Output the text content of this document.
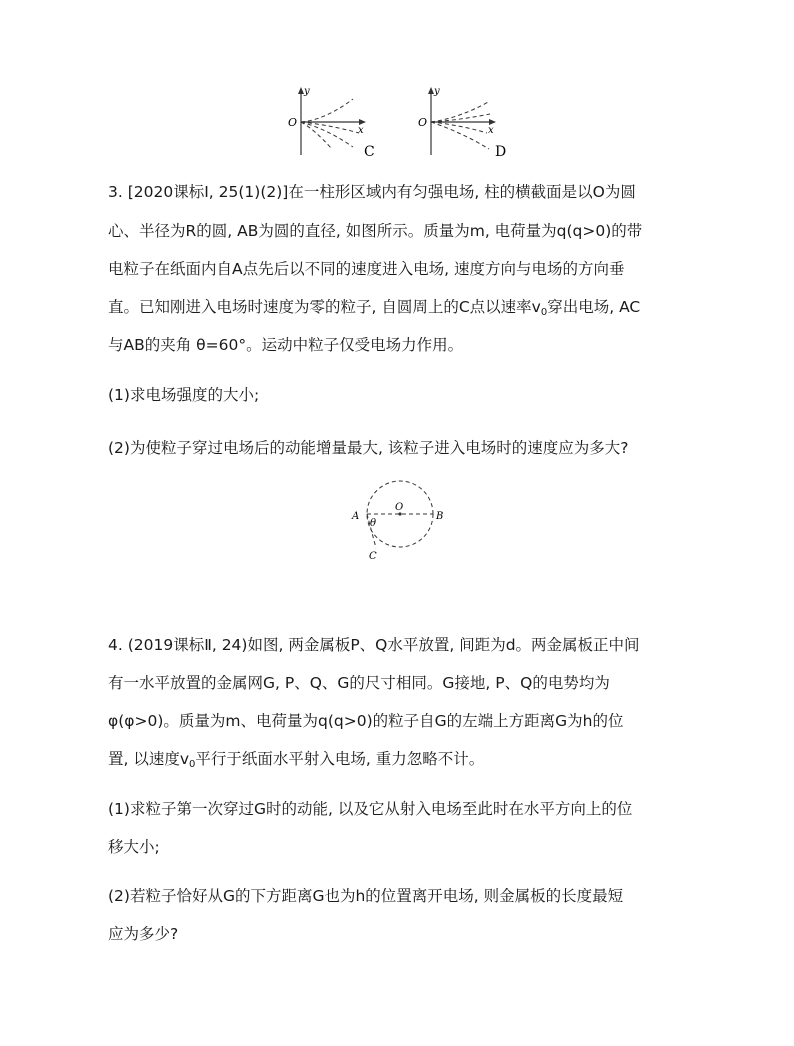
y
x
O
C
y
x
O
D

3. [2020课标Ⅰ, 25(1)(2)]在一柱形区域内有匀强电场, 柱的横截面是以O为圆

心、半径为R的圆, AB为圆的直径, 如图所示。质量为m, 电荷量为q(q>0)的带

电粒子在纸面内自A点先后以不同的速度进入电场, 速度方向与电场的方向垂

直。已知刚进入电场时速度为零的粒子, 自圆周上的C点以速率$v_0$穿出电场, AC

与AB的夹角 θ=60°。运动中粒子仅受电场力作用。

(1)求电场强度的大小;

(2)为使粒子穿过电场后的动能增量最大, 该粒子进入电场时的速度应为多大?

A	B
O
C
θ

4. (2019课标Ⅱ, 24)如图, 两金属板P、Q水平放置, 间距为d。两金属板正中间

有一水平放置的金属网G, P、Q、G的尺寸相同。G接地, P、Q的电势均为

φ(φ>0)。质量为m、电荷量为q(q>0)的粒子自G的左端上方距离G为h的位

置, 以速度$v_0$平行于纸面水平射入电场, 重力忽略不计。

(1)求粒子第一次穿过G时的动能, 以及它从射入电场至此时在水平方向上的位

移大小;

(2)若粒子恰好从G的下方距离G也为h的位置离开电场, 则金属板的长度最短

应为多少?
